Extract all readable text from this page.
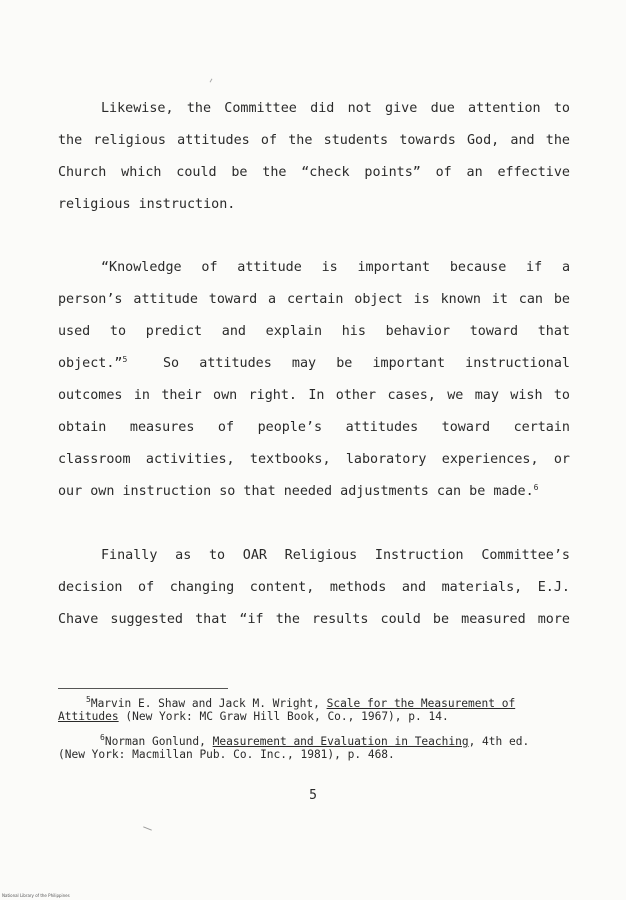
Likewise, the Committee did not give due attention to
the religious attitudes of the students towards God, and the
Church which could be the “check points” of an effective
religious instruction.
“Knowledge of attitude is important because if a
person’s attitude toward a certain object is known it can be
used to predict and explain his behavior toward that
object.”$^5$	So attitudes may be important instructional
outcomes in their own right. In other cases, we may wish to
obtain measures of people’s attitudes toward certain
classroom activities, textbooks, laboratory experiences, or
our own instruction so that needed adjustments can be made.$^6$
Finally as to OAR Religious Instruction Committee’s
decision of changing content, methods and materials, E.J.
Chave suggested that “if the results could be measured more
$^5$Marvin E. Shaw and Jack M. Wright, Scale for the Measurement of
Attitudes (New York: MC Graw Hill Book, Co., 1967), p. 14.
$^6$Norman Gonlund, Measurement and Evaluation in Teaching, 4th ed.
(New York: Macmillan Pub. Co. Inc., 1981), p. 468.
5
National Library of the Philippines
